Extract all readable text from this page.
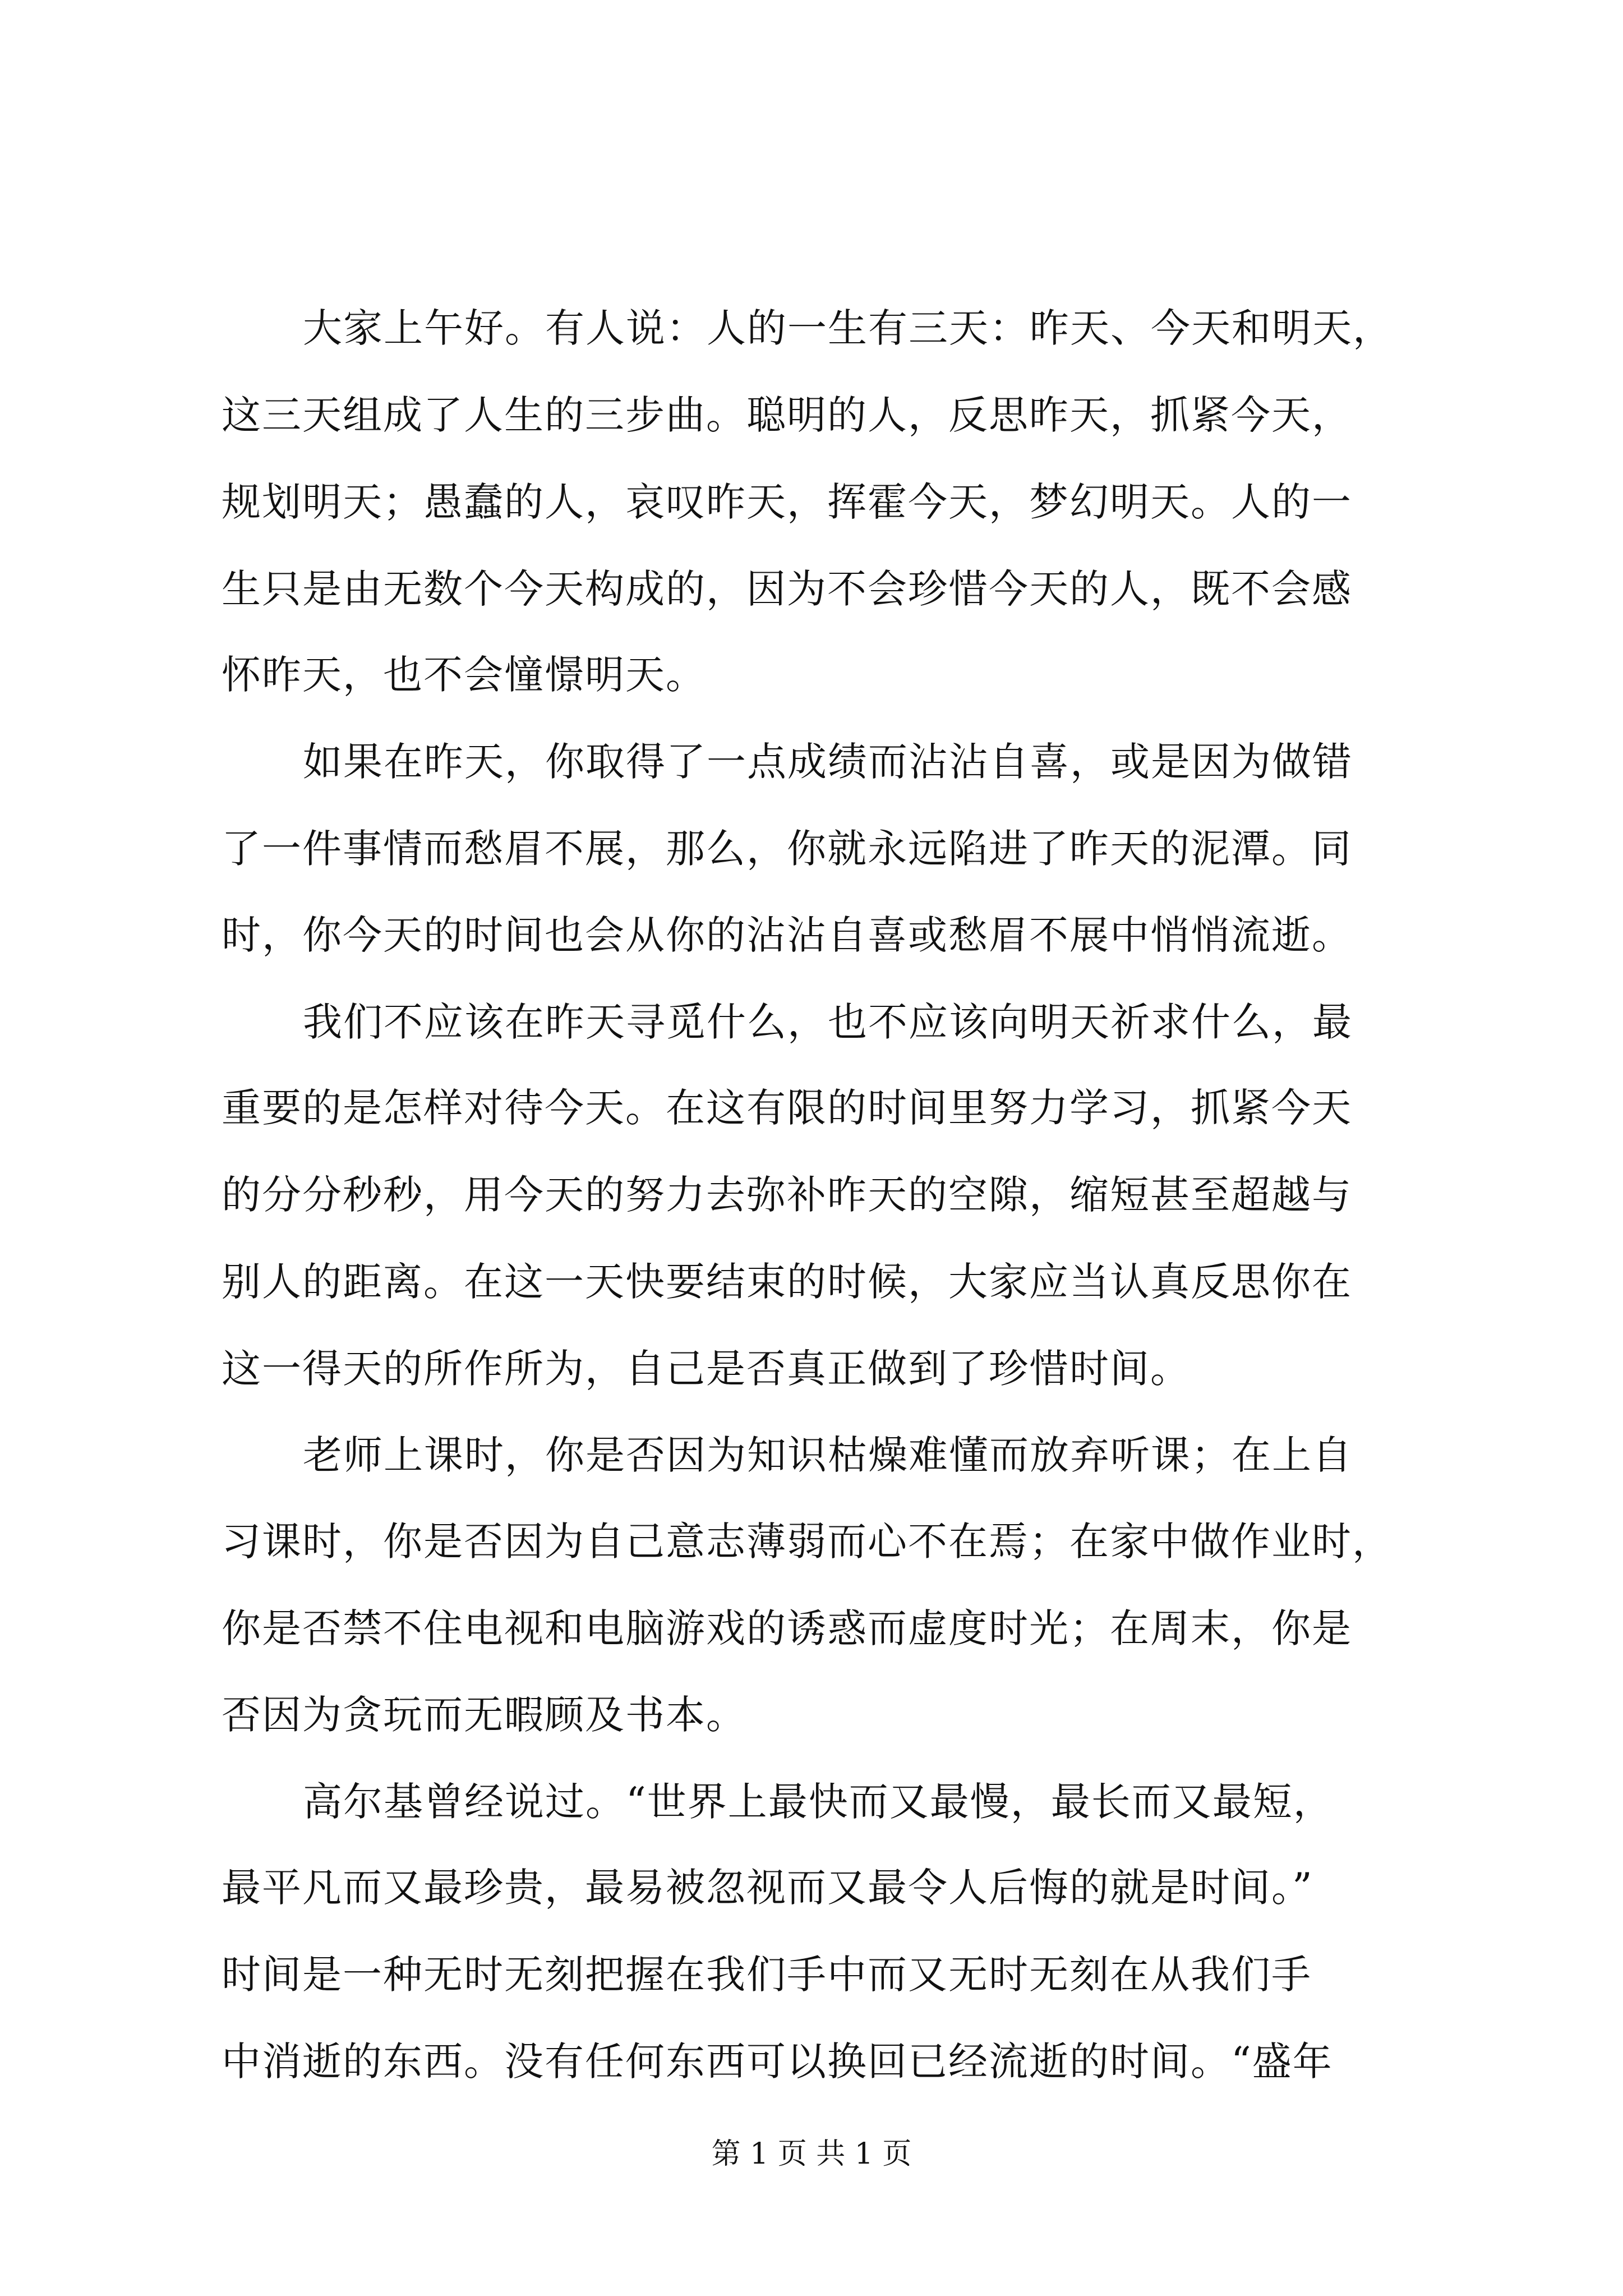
大家上午好。有人说：人的一生有三天：昨天、今天和明天，
这三天组成了人生的三步曲。聪明的人，反思昨天，抓紧今天，
规划明天；愚蠢的人，哀叹昨天，挥霍今天，梦幻明天。人的一
生只是由无数个今天构成的，因为不会珍惜今天的人，既不会感
怀昨天，也不会憧憬明天。
如果在昨天，你取得了一点成绩而沾沾自喜，或是因为做错
了一件事情而愁眉不展，那么，你就永远陷进了昨天的泥潭。同
时，你今天的时间也会从你的沾沾自喜或愁眉不展中悄悄流逝。
我们不应该在昨天寻觅什么，也不应该向明天祈求什么，最
重要的是怎样对待今天。在这有限的时间里努力学习，抓紧今天
的分分秒秒，用今天的努力去弥补昨天的空隙，缩短甚至超越与
别人的距离。在这一天快要结束的时候，大家应当认真反思你在
这一得天的所作所为，自己是否真正做到了珍惜时间。
老师上课时，你是否因为知识枯燥难懂而放弃听课；在上自
习课时，你是否因为自己意志薄弱而心不在焉；在家中做作业时，
你是否禁不住电视和电脑游戏的诱惑而虚度时光；在周末，你是
否因为贪玩而无暇顾及书本。
高尔基曾经说过。“世界上最快而又最慢，最长而又最短，
最平凡而又最珍贵，最易被忽视而又最令人后悔的就是时间。”
时间是一种无时无刻把握在我们手中而又无时无刻在从我们手
中消逝的东西。没有任何东西可以换回已经流逝的时间。“盛年
第 1 页 共 1 页
